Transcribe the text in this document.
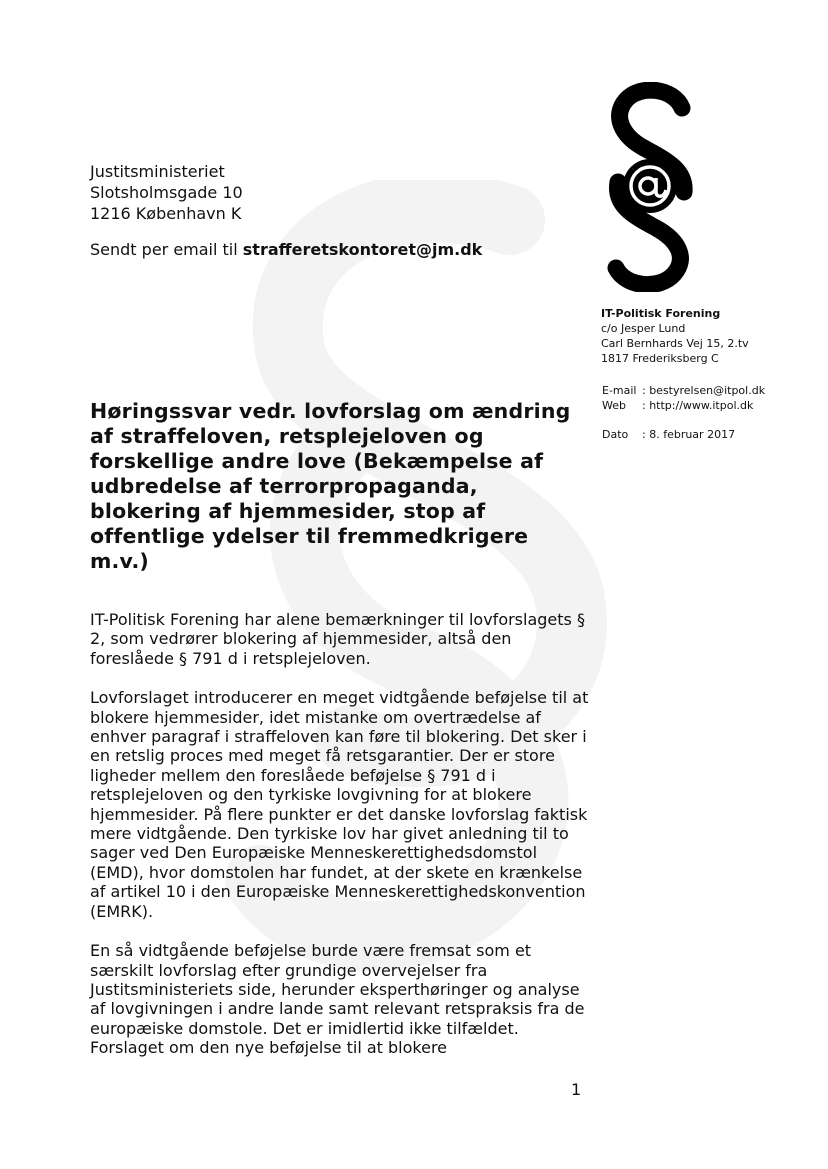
Justitsministeriet
Slotsholmsgade 10
1216 København K
Sendt per email til strafferetskontoret@jm.dk
IT-Politisk Forening
c/o Jesper Lund
Carl Bernhards Vej 15, 2.tv
1817 Frederiksberg C
E-mail : bestyrelsen@itpol.dk
Web	: http://www.itpol.dk
Dato	: 8. februar 2017
Høringssvar vedr. lovforslag om ændring af straffeloven, retsplejeloven og forskellige andre love (Bekæmpelse af udbredelse af terrorpropaganda, blokering af hjemmesider, stop af offentlige ydelser til fremmedkrigere m.v.)

IT-Politisk Forening har alene bemærkninger til lovforslagets § 2, som vedrører blokering af hjemmesider, altså den foreslåede § 791 d i retsplejeloven.

Lovforslaget introducerer en meget vidtgående beføjelse til at blokere hjemmesider, idet mistanke om overtrædelse af enhver paragraf i straffeloven kan føre til blokering. Det sker i en retslig proces med meget få retsgarantier. Der er store ligheder mellem den foreslåede beføjelse § 791 d i retsplejeloven og den tyrkiske lovgivning for at blokere hjemmesider. På flere punkter er det danske lovforslag faktisk mere vidtgående. Den tyrkiske lov har givet anledning til to sager ved Den Europæiske Menneskerettighedsdomstol (EMD), hvor domstolen har fundet, at der skete en krænkelse af artikel 10 i den Europæiske Menneskerettighedskonvention (EMRK).

En så vidtgående beføjelse burde være fremsat som et særskilt lovforslag efter grundige overvejelser fra Justitsministeriets side, herunder eksperthøringer og analyse af lovgivningen i andre lande samt relevant retspraksis fra de europæiske domstole. Det er imidlertid ikke tilfældet. Forslaget om den nye beføjelse til at blokere

1
